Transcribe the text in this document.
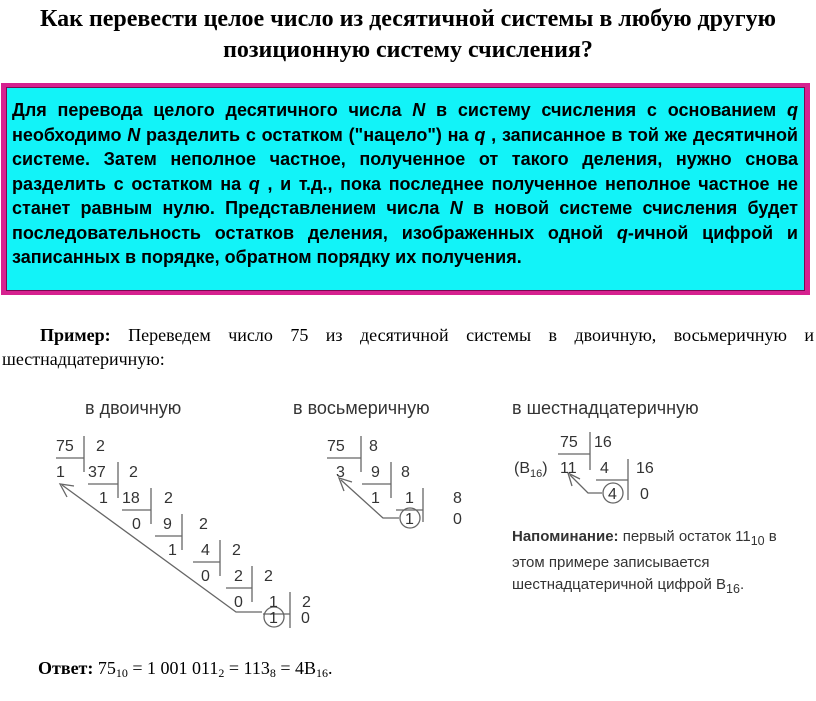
Как перевести целое число из десятичной системы в любую другую
позиционную систему счисления?
Для перевода целого десятичного числа N в систему счисления с основанием q необходимо N разделить с остатком ("нацело") на q , записанное в той же десятичной системе. Затем неполное частное, полученное от такого деления, нужно снова разделить с остатком на q , и т.д., пока последнее полученное неполное частное не станет равным нулю. Представлением числа N в новой системе счисления будет последовательность остатков деления, изображенных одной q-ичной цифрой и записанных в порядке, обратном порядку их получения.
Пример: Переведем число 75 из десятичной системы в двоичную, восьмеричную и шестнадцатеричную:
в двоичную
75 2
1 37 2
1 18 2
0 9 2
1 4 2
0 2 2
0 1 2
1 0
в восьмеричную
75 8
3 9 8
1 1 8
1 0
в шестнадцатеричную
75 16
$(B_{16})$ 11 4 16
4 0
Напоминание: первый остаток $11_{10}$ в этом примере записывается шестнадцатеричной цифрой $B_{16}$.
Ответ: $75_{10} = 1$ 001 $011_2 = 113_8 = 4B_{16}$.
